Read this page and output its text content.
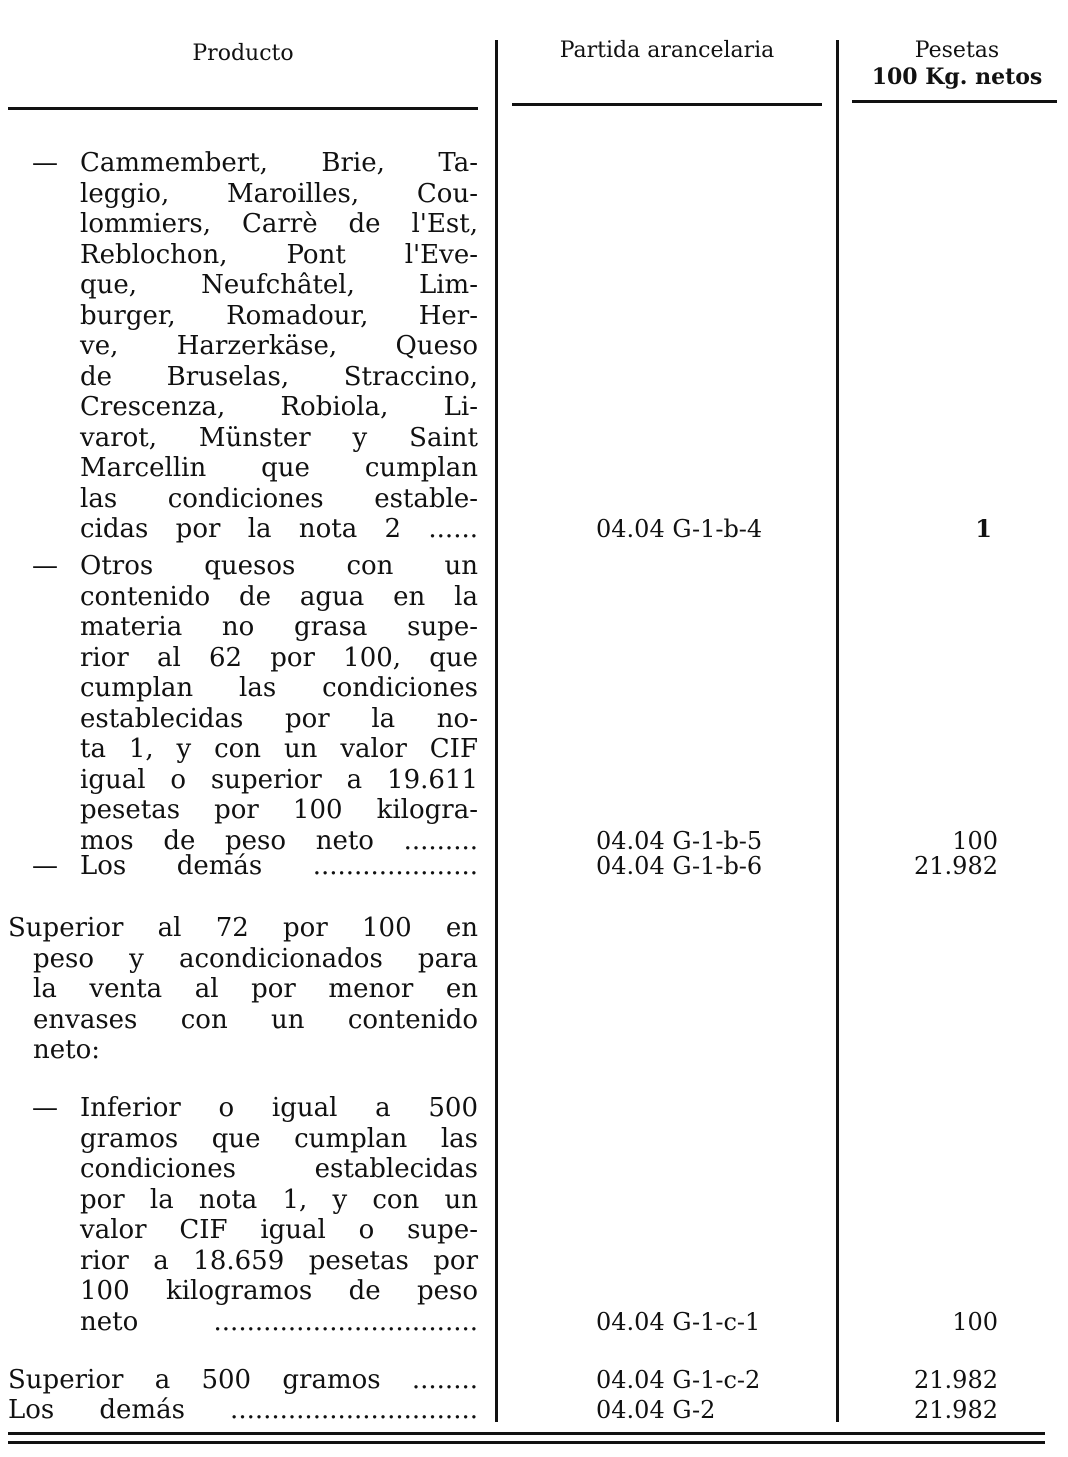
Producto	Partida arancelaria	Pesetas
100 Kg. netos
— Cammembert, Brie, Ta-
leggio, Maroilles, Cou-
lommiers, Carrè de l'Est,
Reblochon, Pont l'Eve-
que, Neufchâtel, Lim-
burger, Romadour, Her-
ve, Harzerkäse, Queso
de Bruselas, Straccino,
Crescenza, Robiola, Li-
varot, Münster y Saint
Marcellin que cumplan
las condiciones estable-
cidas por la nota 2 ......	04.04 G-1-b-4	1
— Otros quesos con un
contenido de agua en la
materia no grasa supe-
rior al 62 por 100, que
cumplan las condiciones
establecidas por la no-
ta 1, y con un valor CIF
igual o superior a 19.611
pesetas por 100 kilogra-
mos de peso neto .........	04.04 G-1-b-5	100
— Los demás ....................	04.04 G-1-b-6	21.982
Superior al 72 por 100 en
peso y acondicionados para
la venta al por menor en
envases con un contenido
neto:
— Inferior o igual a 500
gramos que cumplan las
condiciones establecidas
por la nota 1, y con un
valor CIF igual o supe-
rior a 18.659 pesetas por
100 kilogramos de peso
neto ................................	04.04 G-1-c-1	100
Superior a 500 gramos ........	04.04 G-1-c-2	21.982
Los demás ..............................	04.04 G-2	21.982
